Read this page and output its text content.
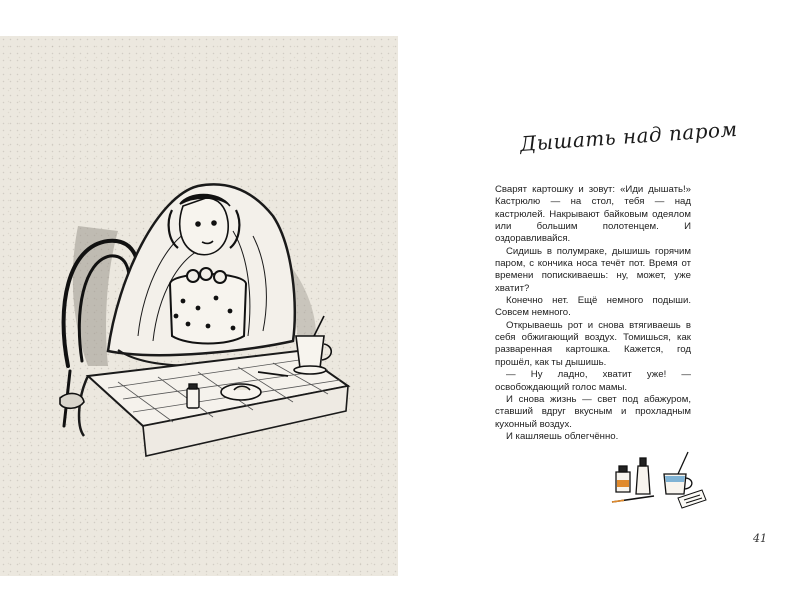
Дышать над паром

Сварят картошку и зовут: «Иди дышать!» Кастрюлю — на стол, тебя — над кастрюлей. Накрывают байковым одеялом или большим полотенцем. И оздоравливайся.

Сидишь в полумраке, дышишь горячим паром, с кончика носа течёт пот. Время от времени попискиваешь: ну, может, уже хватит?

Конечно нет. Ещё немного подыши. Совсем немного.

Открываешь рот и снова втягиваешь в себя обжигающий воздух. Томишься, как разваренная картошка. Кажется, год прошёл, как ты дышишь.

— Ну ладно, хватит уже! — освобождающий голос мамы.

И снова жизнь — свет под абажуром, ставший вдруг вкусным и прохладным кухонный воздух.

И кашляешь облегчённо.

41
